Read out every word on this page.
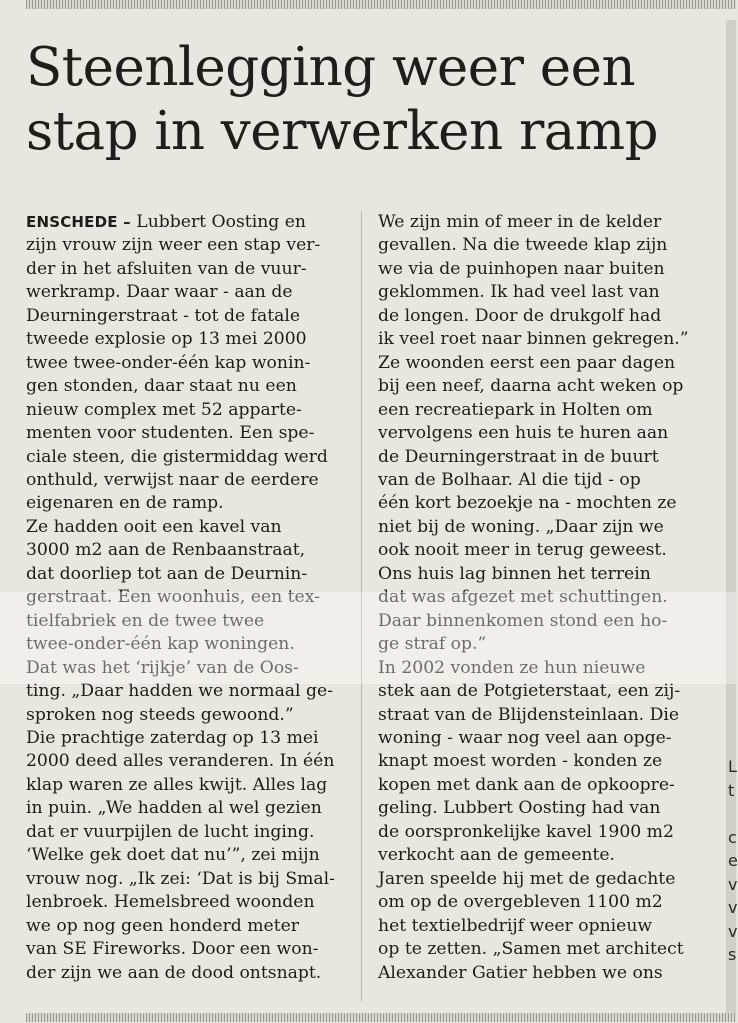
Steenlegging weer een
stap in verwerken ramp
ENSCHEDE – Lubbert Oosting en
zijn vrouw zijn weer een stap ver-
der in het afsluiten van de vuur-
werkramp. Daar waar - aan de
Deurningerstraat - tot de fatale
tweede explosie op 13 mei 2000
twee twee-onder-één kap wonin-
gen stonden, daar staat nu een
nieuw complex met 52 apparte-
menten voor studenten. Een spe-
ciale steen, die gistermiddag werd
onthuld, verwijst naar de eerdere
eigenaren en de ramp.
Ze hadden ooit een kavel van
3000 m2 aan de Renbaanstraat,
dat doorliep tot aan de Deurnin-
gerstraat. Een woonhuis, een tex-
tielfabriek en de twee twee
twee-onder-één kap woningen.
Dat was het ‘rijkje’ van de Oos-
ting. „Daar hadden we normaal ge-
sproken nog steeds gewoond.”
Die prachtige zaterdag op 13 mei
2000 deed alles veranderen. In één
klap waren ze alles kwijt. Alles lag
in puin. „We hadden al wel gezien
dat er vuurpijlen de lucht inging.
‘Welke gek doet dat nu’”, zei mijn
vrouw nog. „Ik zei: ‘Dat is bij Smal-
lenbroek. Hemelsbreed woonden
we op nog geen honderd meter
van SE Fireworks. Door een won-
der zijn we aan de dood ontsnapt.
We zijn min of meer in de kelder
gevallen. Na die tweede klap zijn
we via de puinhopen naar buiten
geklommen. Ik had veel last van
de longen. Door de drukgolf had
ik veel roet naar binnen gekregen.”
Ze woonden eerst een paar dagen
bij een neef, daarna acht weken op
een recreatiepark in Holten om
vervolgens een huis te huren aan
de Deurningerstraat in de buurt
van de Bolhaar. Al die tijd - op
één kort bezoekje na - mochten ze
niet bij de woning. „Daar zijn we
ook nooit meer in terug geweest.
Ons huis lag binnen het terrein
dat was afgezet met schuttingen.
Daar binnenkomen stond een ho-
ge straf op.”
In 2002 vonden ze hun nieuwe
stek aan de Potgieterstaat, een zij-
straat van de Blijdensteinlaan. Die
woning - waar nog veel aan opge-
knapt moest worden - konden ze
kopen met dank aan de opkoopre-
geling. Lubbert Oosting had van
de oorspronkelijke kavel 1900 m2
verkocht aan de gemeente.
Jaren speelde hij met de gedachte
om op de overgebleven 1100 m2
het textielbedrijf weer opnieuw
op te zetten. „Samen met architect
Alexander Gatier hebben we ons
L
t

c
e
v
v
v
s
